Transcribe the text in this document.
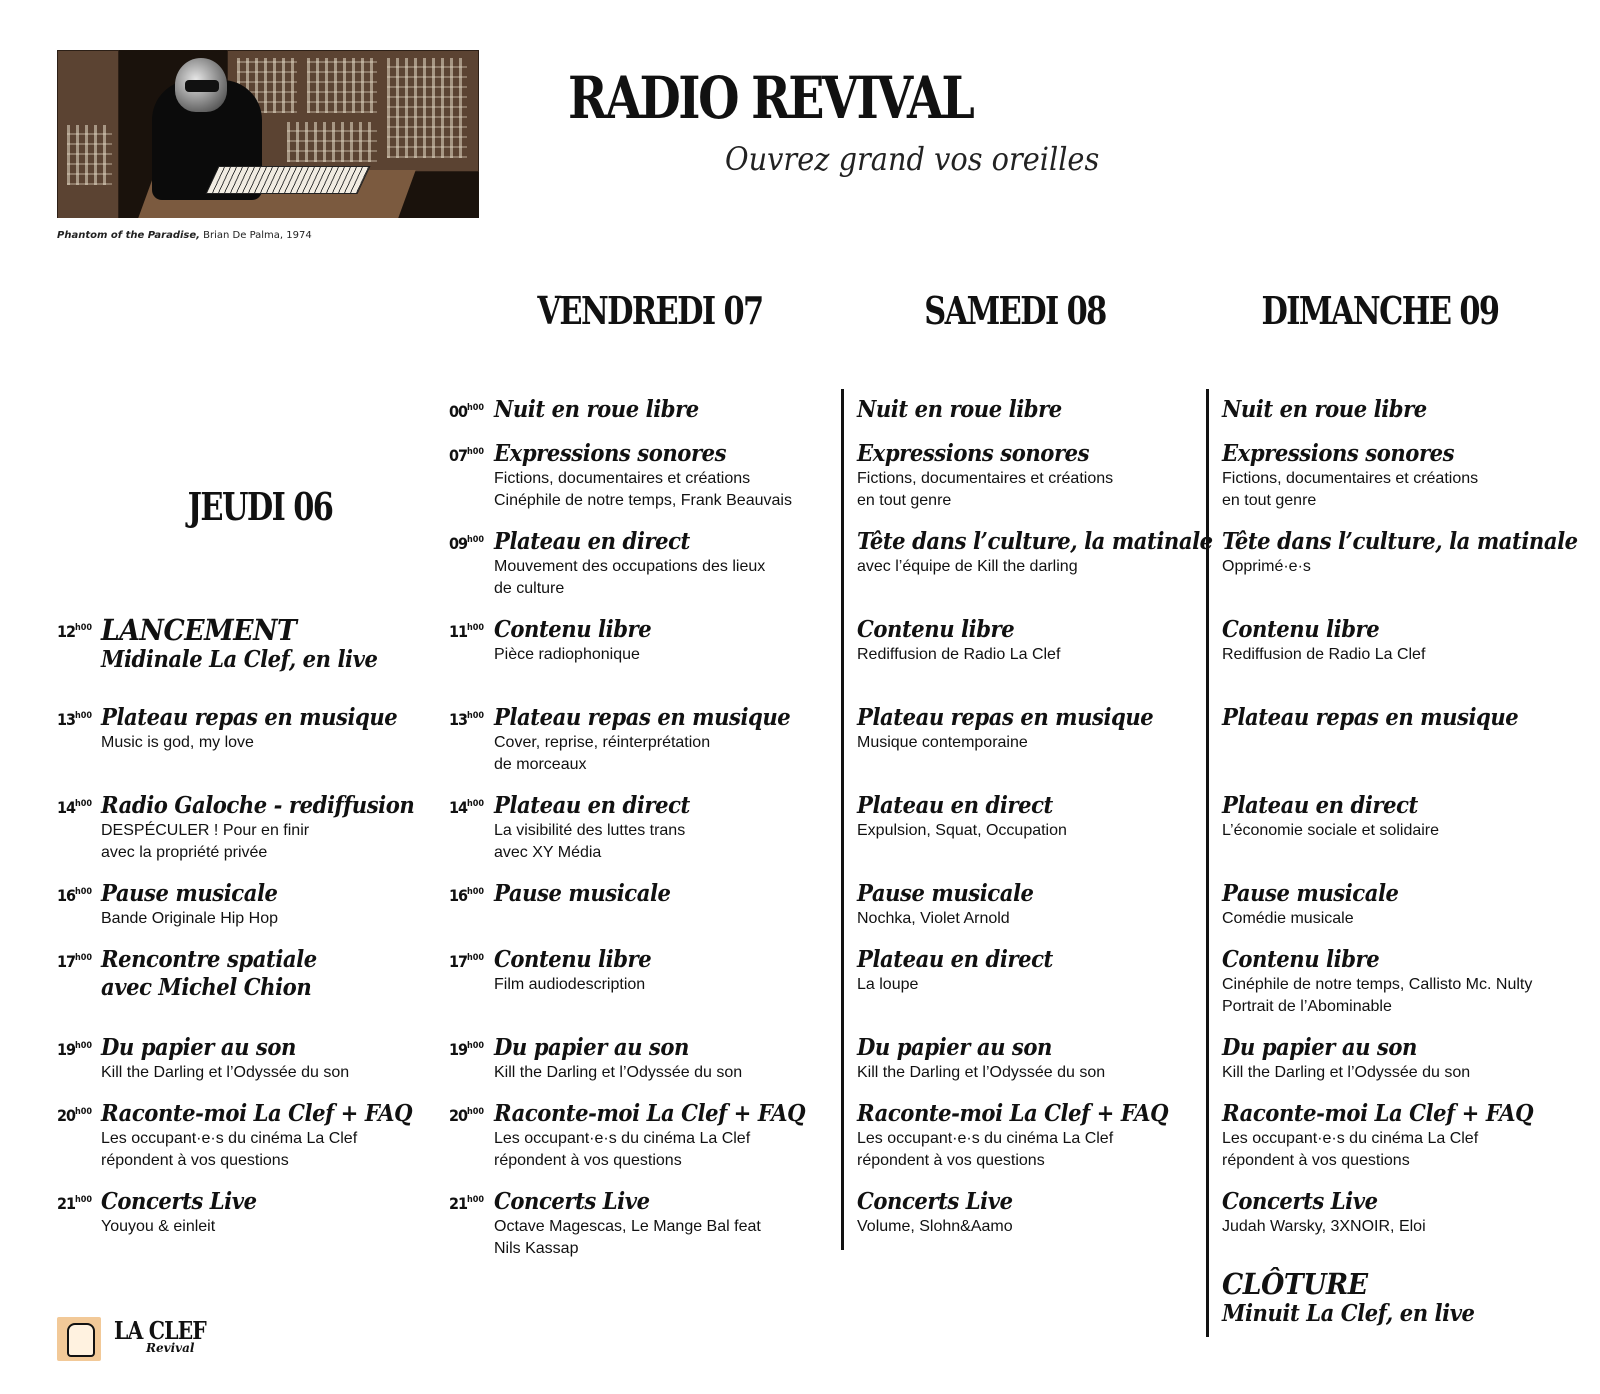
Phantom of the Paradise, Brian De Palma, 1974
RADIO REVIVAL
Ouvrez grand vos oreilles
JEUDI 06
VENDREDI 07	SAMEDI 08	DIMANCHE 09
LANCEMENT
Midinale La Clef, en live
$12^{h00}$
Plateau repas en musique
Music is god, my love
$13^{h00}$
Radio Galoche - rediffusion
DESPÉCULER ! Pour en finir
avec la propriété privée
$14^{h00}$
Pause musicale
Bande Originale Hip Hop
$16^{h00}$
Rencontre spatiale
avec Michel Chion
$17^{h00}$
Du papier au son
Kill the Darling et l’Odyssée du son
$19^{h00}$
Raconte-moi La Clef + FAQ
Les occupant·e·s du cinéma La Clef
répondent à vos questions
$20^{h00}$
Concerts Live
Youyou & einleit
$21^{h00}$
Nuit en roue libre
$00^{h00}$
Expressions sonores
Fictions, documentaires et créations
Cinéphile de notre temps, Frank Beauvais
$07^{h00}$
Plateau en direct
Mouvement des occupations des lieux
de culture
$09^{h00}$
Contenu libre
Pièce radiophonique
$11^{h00}$
Plateau repas en musique
Cover, reprise, réinterprétation
de morceaux
$13^{h00}$
Plateau en direct
La visibilité des luttes trans
avec XY Média
$14^{h00}$
Pause musicale
$16^{h00}$
Contenu libre
Film audiodescription
$17^{h00}$
Du papier au son
Kill the Darling et l’Odyssée du son
$19^{h00}$
Raconte-moi La Clef + FAQ
Les occupant·e·s du cinéma La Clef
répondent à vos questions
$20^{h00}$
Concerts Live
Octave Magescas, Le Mange Bal feat
Nils Kassap
$21^{h00}$
Nuit en roue libre
Expressions sonores
Fictions, documentaires et créations
en tout genre
Tête dans l’culture, la matinale
avec l’équipe de Kill the darling
Contenu libre
Rediffusion de Radio La Clef
Plateau repas en musique
Musique contemporaine
Plateau en direct
Expulsion, Squat, Occupation
Pause musicale
Nochka, Violet Arnold
Plateau en direct
La loupe
Du papier au son
Kill the Darling et l’Odyssée du son
Raconte-moi La Clef + FAQ
Les occupant·e·s du cinéma La Clef
répondent à vos questions
Concerts Live
Volume, Slohn&Aamo
Nuit en roue libre
Expressions sonores
Fictions, documentaires et créations
en tout genre
Tête dans l’culture, la matinale
Opprimé·e·s
Contenu libre
Rediffusion de Radio La Clef
Plateau repas en musique
Plateau en direct
L’économie sociale et solidaire
Pause musicale
Comédie musicale
Contenu libre
Cinéphile de notre temps, Callisto Mc. Nulty
Portrait de l’Abominable
Du papier au son
Kill the Darling et l’Odyssée du son
Raconte-moi La Clef + FAQ
Les occupant·e·s du cinéma La Clef
répondent à vos questions
Concerts Live
Judah Warsky, 3XNOIR, Eloi
CLÔTURE
Minuit La Clef, en live
LA CLEF
Revival
